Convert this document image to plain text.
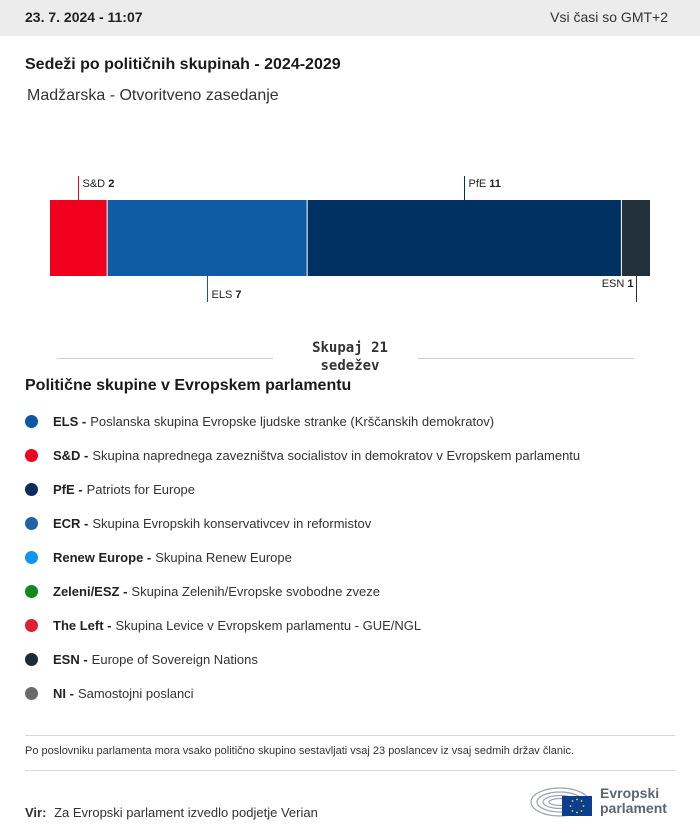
23. 7. 2024 - 11:07	Vsi časi so GMT+2
Sedeži po političnih skupinah - 2024-2029
Madžarska - Otvoritveno zasedanje
S&D 2
ELS 7
PfE 11
ESN 1
Skupaj 21
sedežev
Politične skupine v Evropskem parlamentu
ELS - Poslanska skupina Evropske ljudske stranke (Krščanskih demokratov)
S&D - Skupina naprednega zavezništva socialistov in demokratov v Evropskem parlamentu
PfE - Patriots for Europe
ECR - Skupina Evropskih konservativcev in reformistov
Renew Europe - Skupina Renew Europe
Zeleni/ESZ - Skupina Zelenih/Evropske svobodne zveze
The Left - Skupina Levice v Evropskem parlamentu - GUE/NGL
ESN - Europe of Sovereign Nations
NI - Samostojni poslanci
Po poslovniku parlamenta mora vsako politično skupino sestavljati vsaj 23 poslancev iz vsaj sedmih držav članic.
Vir: Za Evropski parlament izvedlo podjetje Verian
Evropski
parlament
